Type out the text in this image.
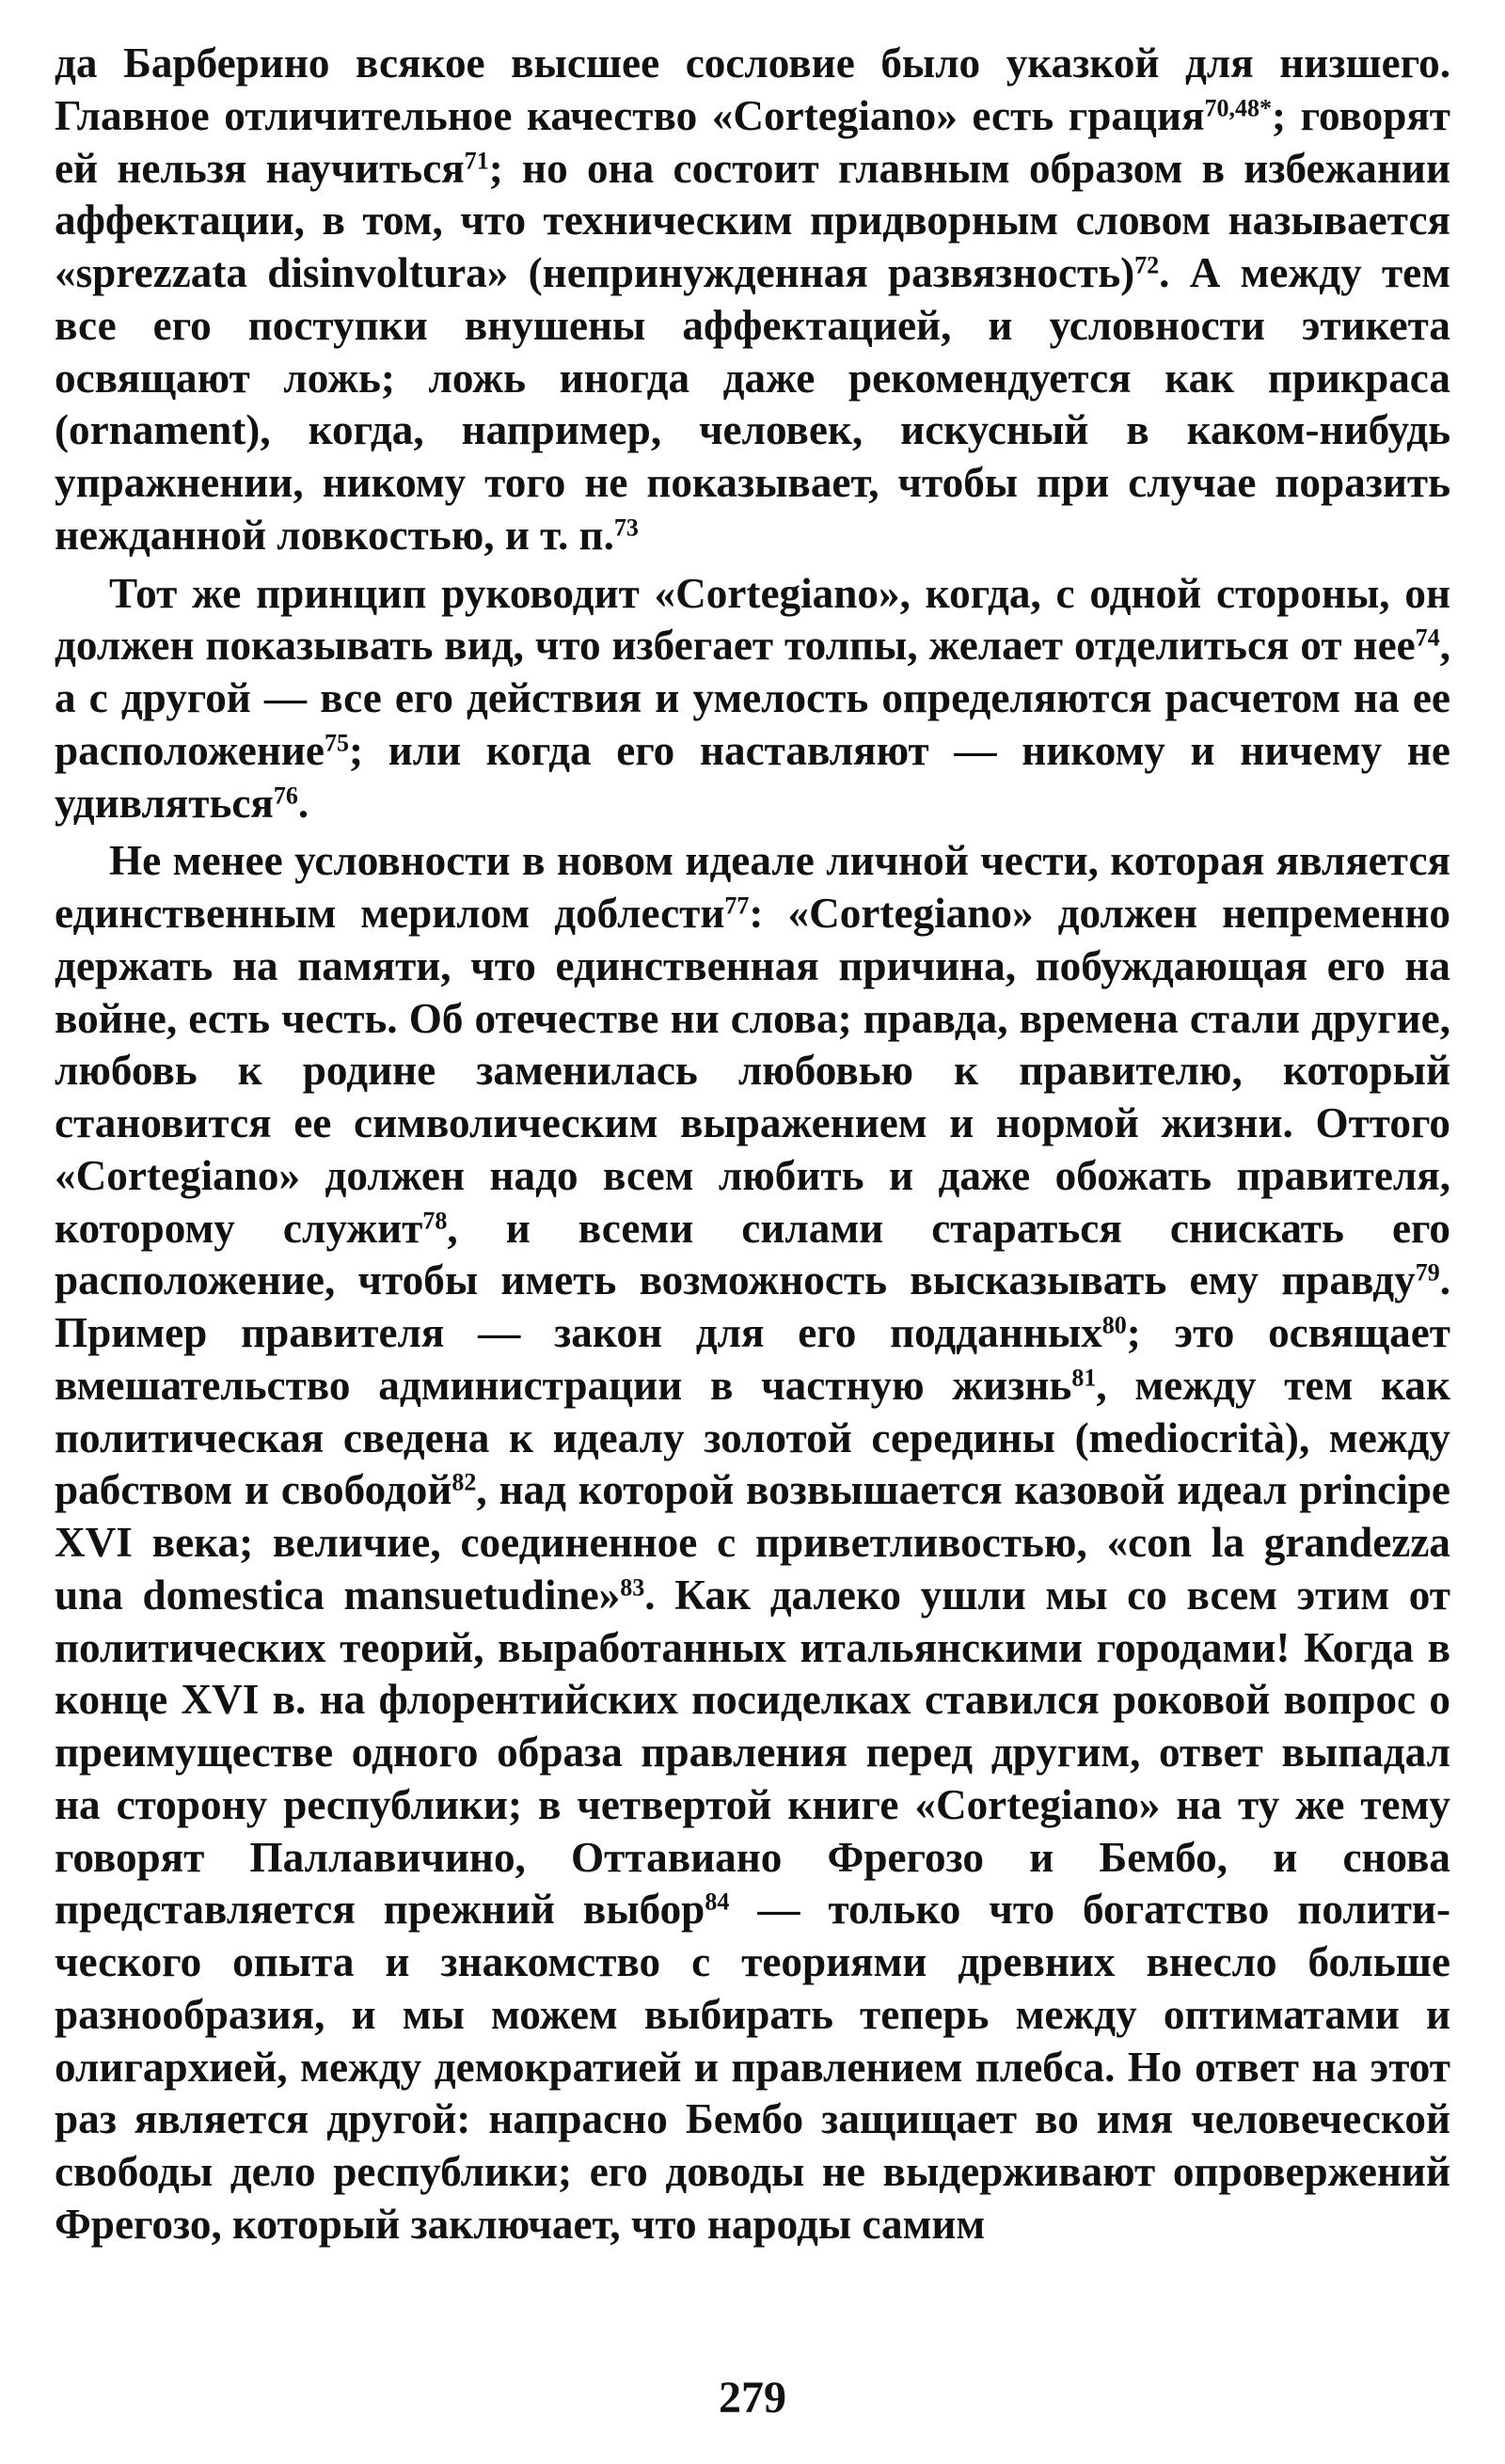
да Барберино всякое высшее сословие было указкой для низшего. Главное отличительное качество «Cortegiano» есть грация$^{70,48*}$; говорят ей нельзя научиться$^{71}$; но она состоит главным образом в избежании аффектации, в том, что техническим придворным словом называется «sprezzata disinvoltura» (непринужденная развязность)$^{72}$. А между тем все его поступки внушены аффектацией, и условности этикета освящают ложь; ложь иногда даже рекомендуется как прикраса (ornament), когда, например, человек, искусный в каком-нибудь упражнении, никому того не показывает, чтобы при случае поразить нежданной ловкостью, и т. п.$^{73}$

Тот же принцип руководит «Cortegiano», когда, с одной стороны, он должен показывать вид, что избегает толпы, желает отделиться от нее$^{74}$, а с другой — все его действия и умелость определяются расчетом на ее расположение$^{75}$; или когда его наставляют — никому и ничему не удивляться$^{76}$.

Не менее условности в новом идеале личной чести, которая является единственным мерилом доблести$^{77}$: «Cortegiano» должен непременно держать на памяти, что единственная причина, побуждающая его на войне, есть честь. Об отечестве ни слова; правда, времена стали другие, любовь к родине заменилась любовью к правителю, который становится ее символическим выражением и нормой жизни. Оттого «Cortegiano» должен надо всем любить и даже обожать правителя, которому служит$^{78}$, и всеми силами стараться снискать его расположение, чтобы иметь возможность высказывать ему правду$^{79}$. Пример правителя — закон для его подданных$^{80}$; это освящает вмешательство администрации в частную жизнь$^{81}$, между тем как политическая сведена к идеалу золотой середины (mediocrità), между рабством и свободой$^{82}$, над которой возвышается казовой идеал principe XVI века; величие, соединенное с приветливостью, «con la grandezza una domestica mansuetudine»$^{83}$. Как далеко ушли мы со всем этим от политических теорий, выработанных итальянскими городами! Когда в конце XVI в. на флорентийских посиделках ставился роковой вопрос о преимуществе одного образа правления перед другим, ответ выпадал на сторону республики; в четвертой книге «Cortegiano» на ту же тему говорят Паллавичино, Оттавиано Фрегозо и Бембо, и снова представляется прежний выбор$^{84}$ — только что богатство политического опыта и знакомство с теориями древних внесло больше разнообразия, и мы можем выбирать теперь между оптиматами и олигархией, между демократией и правлением плебса. Но ответ на этот раз является другой: напрасно Бембо защищает во имя человеческой свободы дело республики; его доводы не выдерживают опровержений Фрегозо, который заключает, что народы самим

279
